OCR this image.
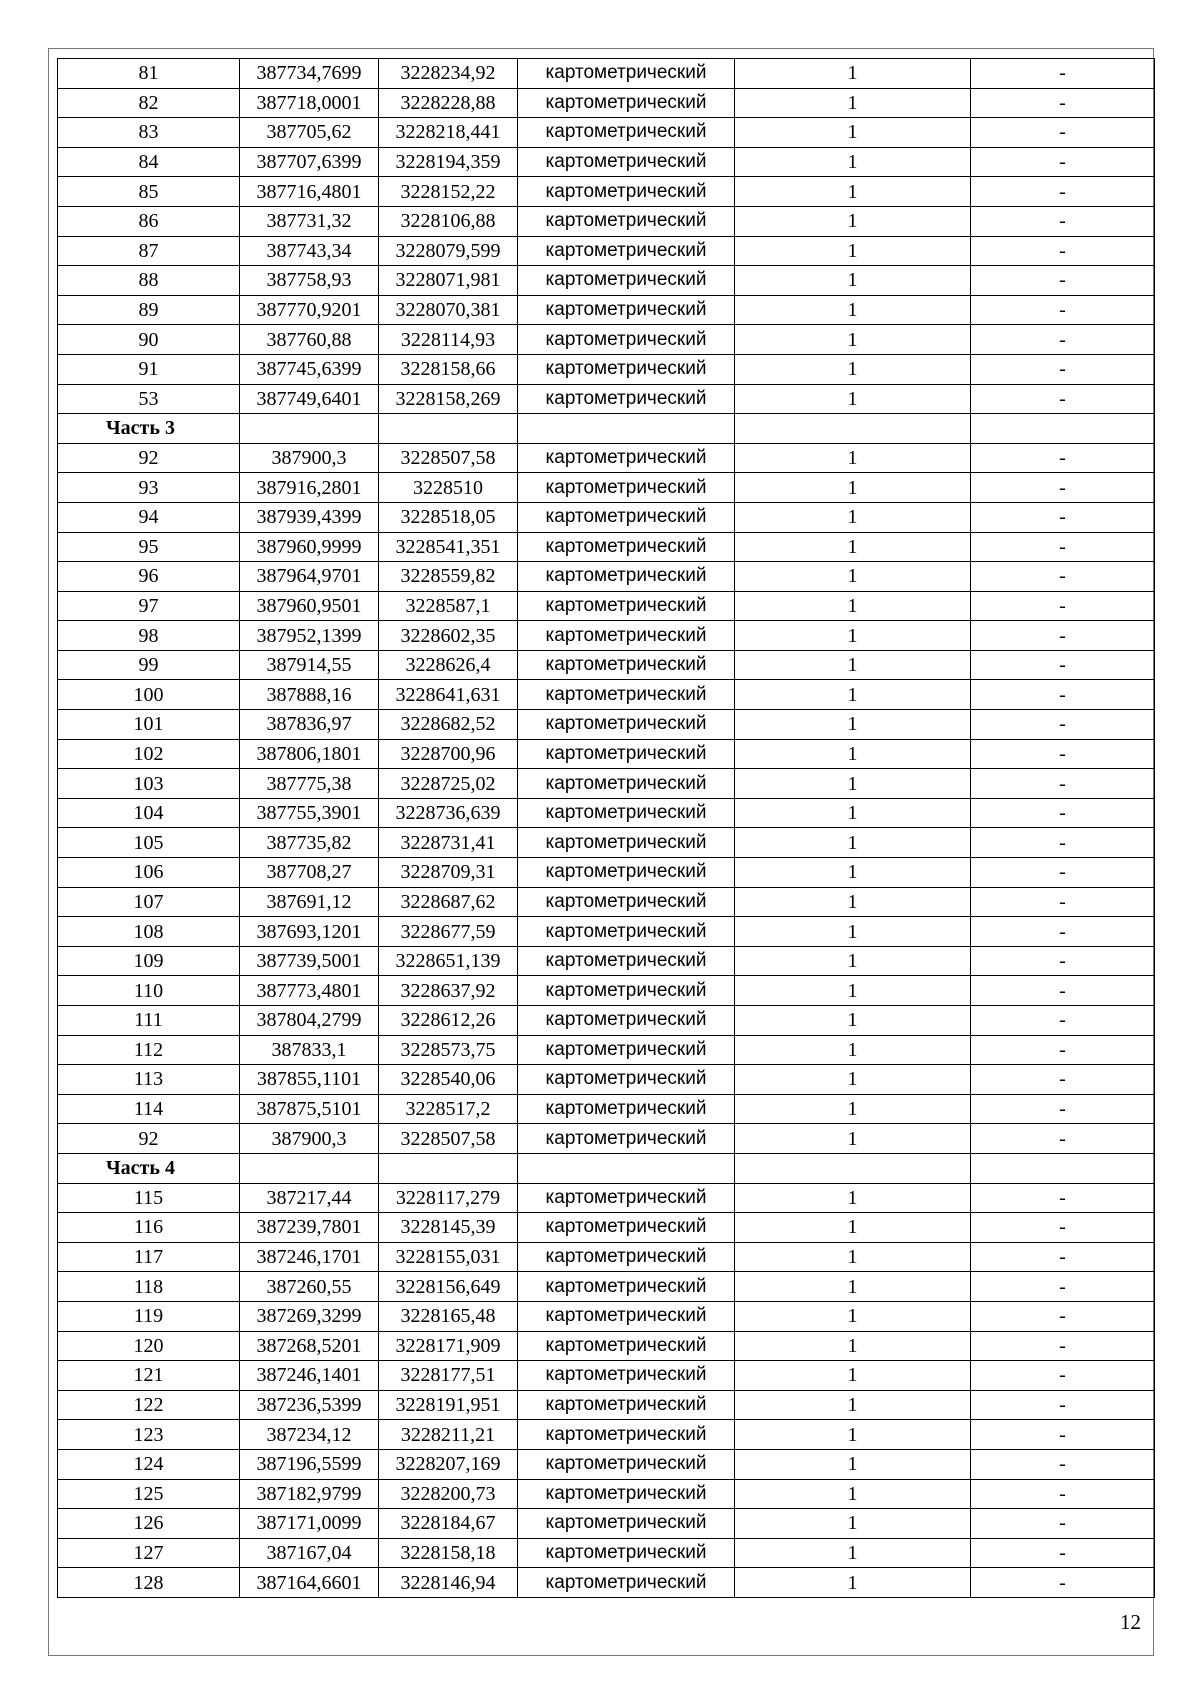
81	387734,7699	3228234,92	картометрический	1	-
82	387718,0001	3228228,88	картометрический	1	-
83	387705,62	3228218,441	картометрический	1	-
84	387707,6399	3228194,359	картометрический	1	-
85	387716,4801	3228152,22	картометрический	1	-
86	387731,32	3228106,88	картометрический	1	-
87	387743,34	3228079,599	картометрический	1	-
88	387758,93	3228071,981	картометрический	1	-
89	387770,9201	3228070,381	картометрический	1	-
90	387760,88	3228114,93	картометрический	1	-
91	387745,6399	3228158,66	картометрический	1	-
53	387749,6401	3228158,269	картометрический	1	-
Часть 3					
92	387900,3	3228507,58	картометрический	1	-
93	387916,2801	3228510	картометрический	1	-
94	387939,4399	3228518,05	картометрический	1	-
95	387960,9999	3228541,351	картометрический	1	-
96	387964,9701	3228559,82	картометрический	1	-
97	387960,9501	3228587,1	картометрический	1	-
98	387952,1399	3228602,35	картометрический	1	-
99	387914,55	3228626,4	картометрический	1	-
100	387888,16	3228641,631	картометрический	1	-
101	387836,97	3228682,52	картометрический	1	-
102	387806,1801	3228700,96	картометрический	1	-
103	387775,38	3228725,02	картометрический	1	-
104	387755,3901	3228736,639	картометрический	1	-
105	387735,82	3228731,41	картометрический	1	-
106	387708,27	3228709,31	картометрический	1	-
107	387691,12	3228687,62	картометрический	1	-
108	387693,1201	3228677,59	картометрический	1	-
109	387739,5001	3228651,139	картометрический	1	-
110	387773,4801	3228637,92	картометрический	1	-
111	387804,2799	3228612,26	картометрический	1	-
112	387833,1	3228573,75	картометрический	1	-
113	387855,1101	3228540,06	картометрический	1	-
114	387875,5101	3228517,2	картометрический	1	-
92	387900,3	3228507,58	картометрический	1	-
Часть 4					
115	387217,44	3228117,279	картометрический	1	-
116	387239,7801	3228145,39	картометрический	1	-
117	387246,1701	3228155,031	картометрический	1	-
118	387260,55	3228156,649	картометрический	1	-
119	387269,3299	3228165,48	картометрический	1	-
120	387268,5201	3228171,909	картометрический	1	-
121	387246,1401	3228177,51	картометрический	1	-
122	387236,5399	3228191,951	картометрический	1	-
123	387234,12	3228211,21	картометрический	1	-
124	387196,5599	3228207,169	картометрический	1	-
125	387182,9799	3228200,73	картометрический	1	-
126	387171,0099	3228184,67	картометрический	1	-
127	387167,04	3228158,18	картометрический	1	-
128	387164,6601	3228146,94	картометрический	1	-
12
